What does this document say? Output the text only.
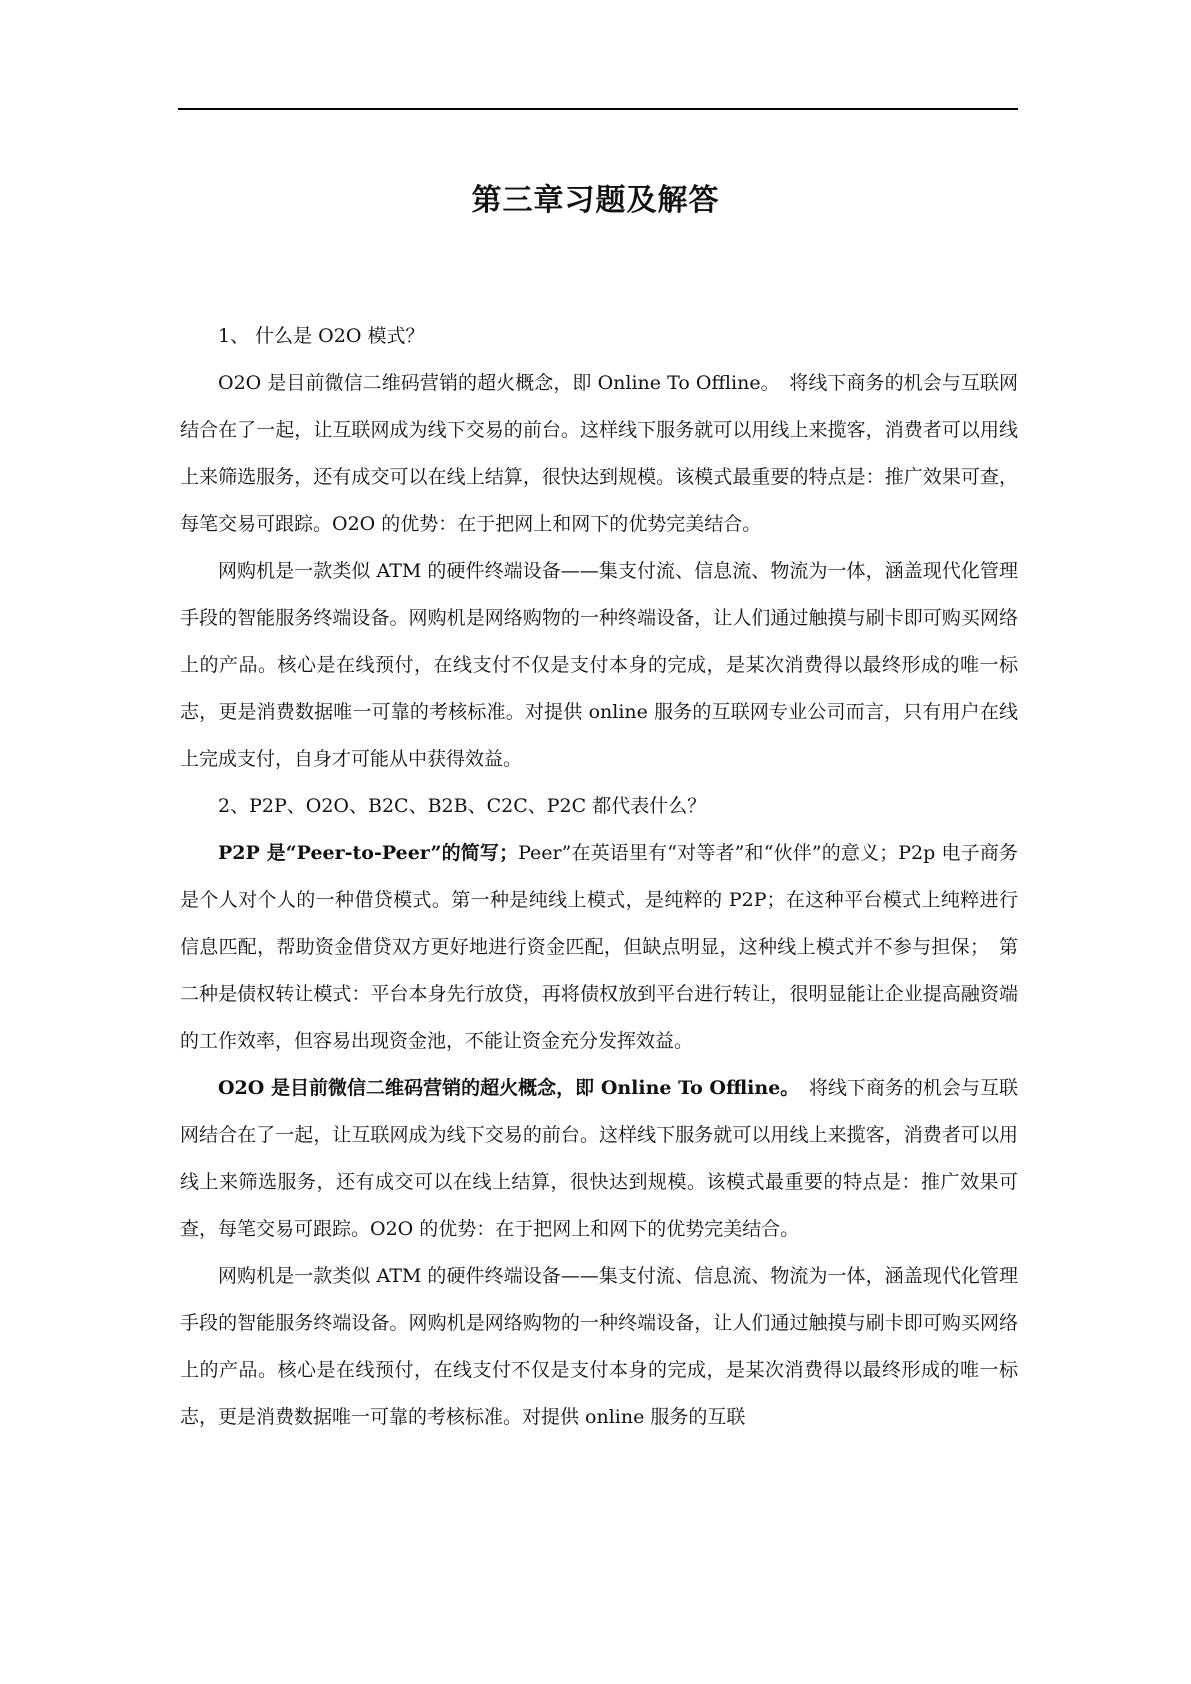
第三章习题及解答

1、 什么是 O2O 模式？

O2O 是目前微信二维码营销的超火概念，即 Online To Offline。　将线下商务的机会与互联网结合在了一起，让互联网成为线下交易的前台。这样线下服务就可以用线上来揽客，消费者可以用线上来筛选服务，还有成交可以在线上结算，很快达到规模。该模式最重要的特点是：推广效果可查，每笔交易可跟踪。O2O 的优势：在于把网上和网下的优势完美结合。

网购机是一款类似 ATM 的硬件终端设备——集支付流、信息流、物流为一体，涵盖现代化管理手段的智能服务终端设备。网购机是网络购物的一种终端设备，让人们通过触摸与刷卡即可购买网络上的产品。核心是在线预付，在线支付不仅是支付本身的完成，是某次消费得以最终形成的唯一标志，更是消费数据唯一可靠的考核标准。对提供 online 服务的互联网专业公司而言，只有用户在线上完成支付，自身才可能从中获得效益。

2、P2P、O2O、B2C、B2B、C2C、P2C 都代表什么？

P2P 是“Peer-to-Peer”的简写；Peer”在英语里有“对等者”和“伙伴”的意义；P2p 电子商务是个人对个人的一种借贷模式。第一种是纯线上模式，是纯粹的 P2P；在这种平台模式上纯粹进行信息匹配，帮助资金借贷双方更好地进行资金匹配，但缺点明显，这种线上模式并不参与担保；　第二种是债权转让模式：平台本身先行放贷，再将债权放到平台进行转让，很明显能让企业提高融资端的工作效率，但容易出现资金池，不能让资金充分发挥效益。

O2O 是目前微信二维码营销的超火概念，即 Online To Offline。　将线下商务的机会与互联网结合在了一起，让互联网成为线下交易的前台。这样线下服务就可以用线上来揽客，消费者可以用线上来筛选服务，还有成交可以在线上结算，很快达到规模。该模式最重要的特点是：推广效果可查，每笔交易可跟踪。O2O 的优势：在于把网上和网下的优势完美结合。

网购机是一款类似 ATM 的硬件终端设备——集支付流、信息流、物流为一体，涵盖现代化管理手段的智能服务终端设备。网购机是网络购物的一种终端设备，让人们通过触摸与刷卡即可购买网络上的产品。核心是在线预付，在线支付不仅是支付本身的完成，是某次消费得以最终形成的唯一标志，更是消费数据唯一可靠的考核标准。对提供 online 服务的互联
